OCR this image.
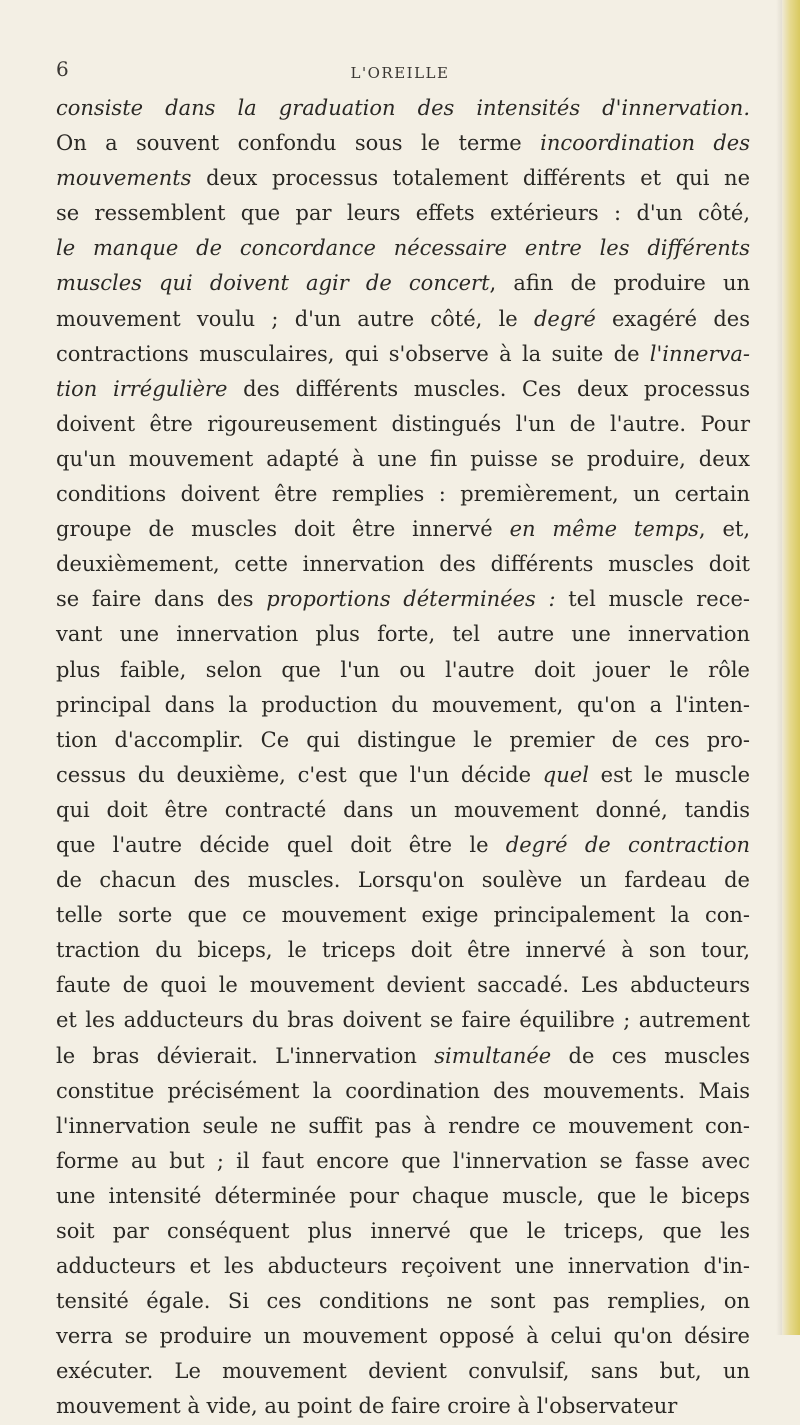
6	L'OREILLE
consiste dans la graduation des intensités d'innervation.
On a souvent confondu sous le terme incoordination des
mouvements deux processus totalement différents et qui ne
se ressemblent que par leurs effets extérieurs : d'un côté,
le manque de concordance nécessaire entre les différents
muscles qui doivent agir de concert, afin de produire un
mouvement voulu ; d'un autre côté, le degré exagéré des
contractions musculaires, qui s'observe à la suite de l'innerva-
tion irrégulière des différents muscles. Ces deux processus
doivent être rigoureusement distingués l'un de l'autre. Pour
qu'un mouvement adapté à une fin puisse se produire, deux
conditions doivent être remplies : premièrement, un certain
groupe de muscles doit être innervé en même temps, et,
deuxièmement, cette innervation des différents muscles doit
se faire dans des proportions déterminées : tel muscle rece-
vant une innervation plus forte, tel autre une innervation
plus faible, selon que l'un ou l'autre doit jouer le rôle
principal dans la production du mouvement, qu'on a l'inten-
tion d'accomplir. Ce qui distingue le premier de ces pro-
cessus du deuxième, c'est que l'un décide quel est le muscle
qui doit être contracté dans un mouvement donné, tandis
que l'autre décide quel doit être le degré de contraction
de chacun des muscles. Lorsqu'on soulève un fardeau de
telle sorte que ce mouvement exige principalement la con-
traction du biceps, le triceps doit être innervé à son tour,
faute de quoi le mouvement devient saccadé. Les abducteurs
et les adducteurs du bras doivent se faire équilibre ; autrement
le bras dévierait. L'innervation simultanée de ces muscles
constitue précisément la coordination des mouvements. Mais
l'innervation seule ne suffit pas à rendre ce mouvement con-
forme au but ; il faut encore que l'innervation se fasse avec
une intensité déterminée pour chaque muscle, que le biceps
soit par conséquent plus innervé que le triceps, que les
adducteurs et les abducteurs reçoivent une innervation d'in-
tensité égale. Si ces conditions ne sont pas remplies, on
verra se produire un mouvement opposé à celui qu'on désire
exécuter. Le mouvement devient convulsif, sans but, un
mouvement à vide, au point de faire croire à l'observateur
